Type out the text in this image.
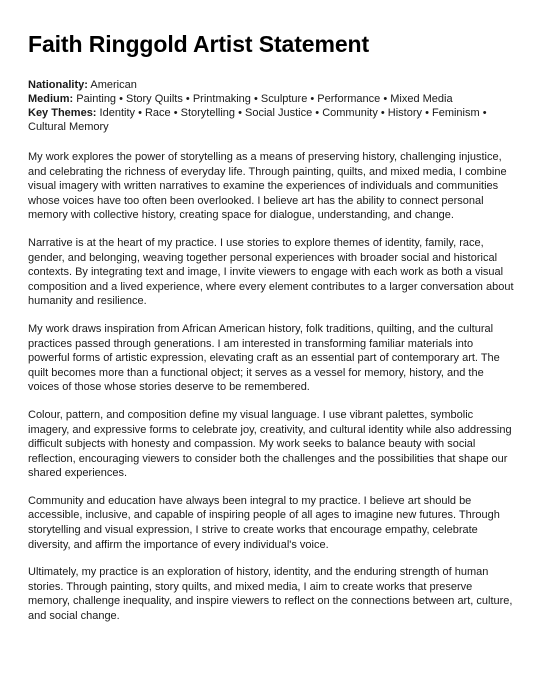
Faith Ringgold Artist Statement

Nationality: American

Medium: Painting • Story Quilts • Printmaking • Sculpture • Performance • Mixed Media

Key Themes: Identity • Race • Storytelling • Social Justice • Community • History • Feminism • Cultural Memory

My work explores the power of storytelling as a means of preserving history, challenging injustice, and celebrating the richness of everyday life. Through painting, quilts, and mixed media, I combine visual imagery with written narratives to examine the experiences of individuals and communities whose voices have too often been overlooked. I believe art has the ability to connect personal memory with collective history, creating space for dialogue, understanding, and change.

Narrative is at the heart of my practice. I use stories to explore themes of identity, family, race, gender, and belonging, weaving together personal experiences with broader social and historical contexts. By integrating text and image, I invite viewers to engage with each work as both a visual composition and a lived experience, where every element contributes to a larger conversation about humanity and resilience.

My work draws inspiration from African American history, folk traditions, quilting, and the cultural practices passed through generations. I am interested in transforming familiar materials into powerful forms of artistic expression, elevating craft as an essential part of contemporary art. The quilt becomes more than a functional object; it serves as a vessel for memory, history, and the voices of those whose stories deserve to be remembered.

Colour, pattern, and composition define my visual language. I use vibrant palettes, symbolic imagery, and expressive forms to celebrate joy, creativity, and cultural identity while also addressing difficult subjects with honesty and compassion. My work seeks to balance beauty with social reflection, encouraging viewers to consider both the challenges and the possibilities that shape our shared experiences.

Community and education have always been integral to my practice. I believe art should be accessible, inclusive, and capable of inspiring people of all ages to imagine new futures. Through storytelling and visual expression, I strive to create works that encourage empathy, celebrate diversity, and affirm the importance of every individual's voice.

Ultimately, my practice is an exploration of history, identity, and the enduring strength of human stories. Through painting, story quilts, and mixed media, I aim to create works that preserve memory, challenge inequality, and inspire viewers to reflect on the connections between art, culture, and social change.
